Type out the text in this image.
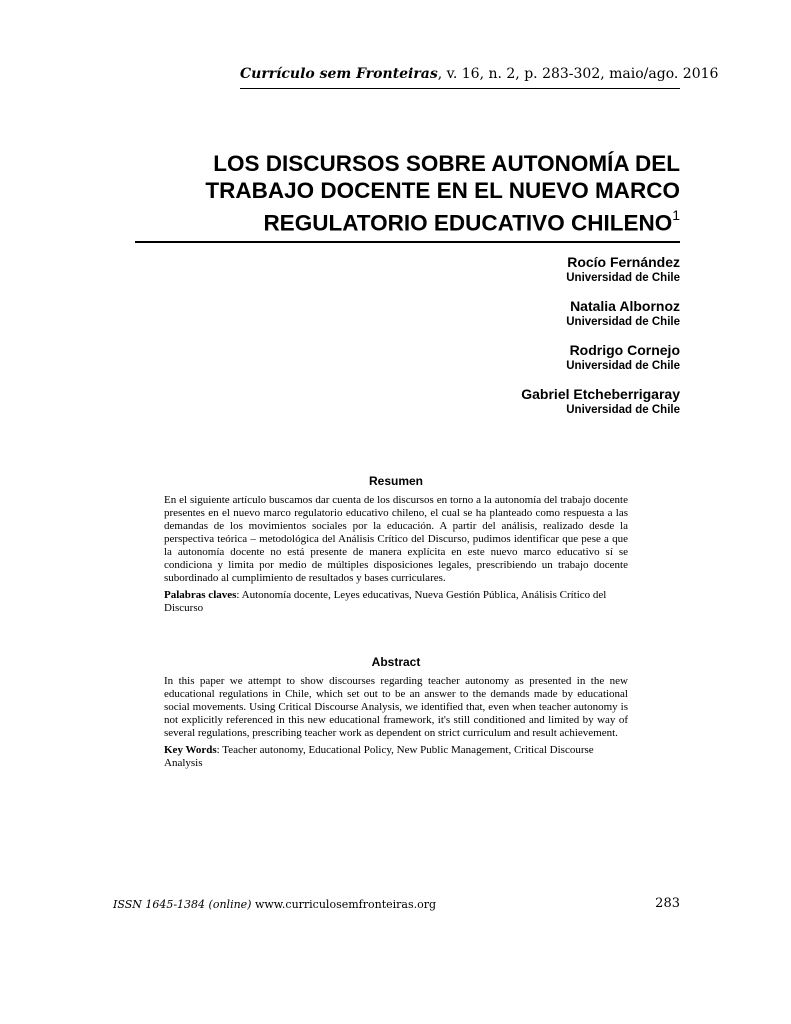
Currículo sem Fronteiras, v. 16, n. 2, p. 283-302, maio/ago. 2016
LOS DISCURSOS SOBRE AUTONOMÍA DEL
TRABAJO DOCENTE EN EL NUEVO MARCO
REGULATORIO EDUCATIVO CHILENO$^1$
Rocío Fernández
Universidad de Chile
Natalia Albornoz
Universidad de Chile
Rodrigo Cornejo
Universidad de Chile
Gabriel Etcheberrigaray
Universidad de Chile
Resumen
En el siguiente artículo buscamos dar cuenta de los discursos en torno a la autonomía del trabajo docente presentes en el nuevo marco regulatorio educativo chileno, el cual se ha planteado como respuesta a las demandas de los movimientos sociales por la educación. A partir del análisis, realizado desde la perspectiva teórica – metodológica del Análisis Crítico del Discurso, pudimos identificar que pese a que la autonomía docente no está presente de manera explícita en este nuevo marco educativo sí se condiciona y limita por medio de múltiples disposiciones legales, prescribiendo un trabajo docente subordinado al cumplimiento de resultados y bases curriculares.
Palabras claves: Autonomía docente, Leyes educativas, Nueva Gestión Pública, Análisis Crítico del Discurso
Abstract
In this paper we attempt to show discourses regarding teacher autonomy as presented in the new educational regulations in Chile, which set out to be an answer to the demands made by educational social movements. Using Critical Discourse Analysis, we identified that, even when teacher autonomy is not explicitly referenced in this new educational framework, it's still conditioned and limited by way of several regulations, prescribing teacher work as dependent on strict curriculum and result achievement.
Key Words: Teacher autonomy, Educational Policy, New Public Management, Critical Discourse Analysis
ISSN 1645-1384 (online) www.curriculosemfronteiras.org	283
